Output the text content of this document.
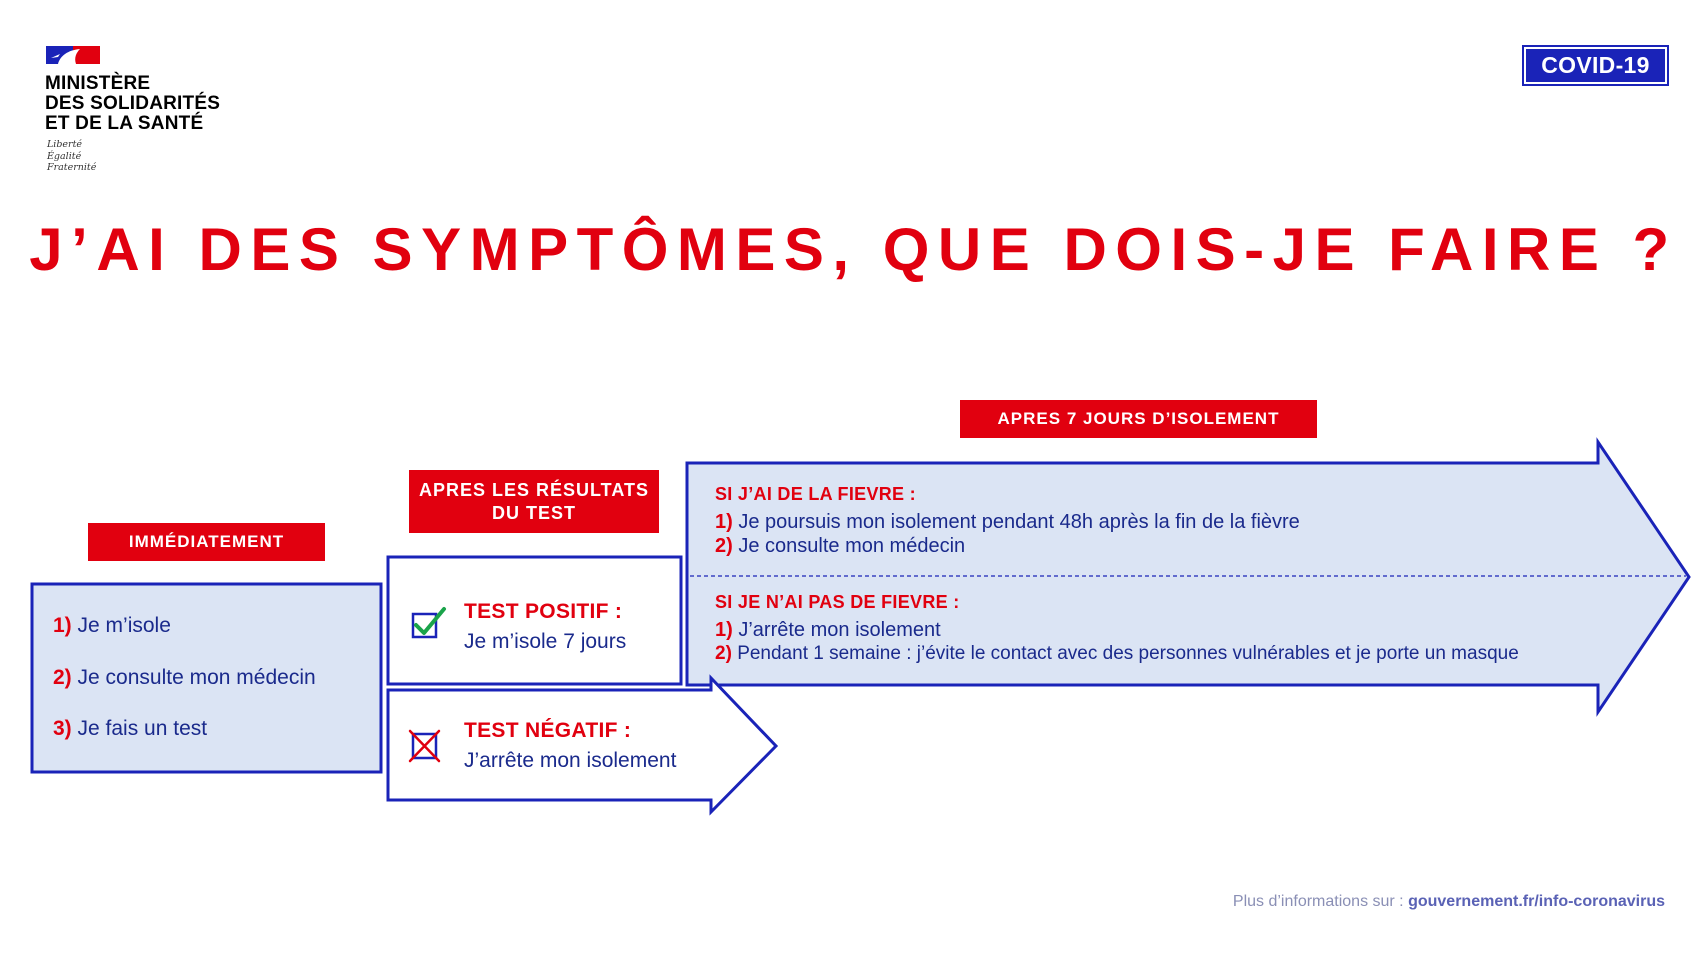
MINISTÈRE
DES SOLIDARITÉS
ET DE LA SANTÉ
Liberté
Égalité
Fraternité
COVID-19
J’AI DES SYMPTÔMES, QUE DOIS-JE FAIRE ?
IMMÉDIATEMENT
APRES LES RÉSULTATS
DU TEST
APRES 7 JOURS D’ISOLEMENT
1) Je m’isole
2) Je consulte mon médecin
3) Je fais un test
TEST POSITIF :
Je m’isole 7 jours
TEST NÉGATIF :
J’arrête mon isolement
SI J’AI DE LA FIEVRE :
1) Je poursuis mon isolement pendant 48h après la fin de la fièvre
2) Je consulte mon médecin
SI JE N’AI PAS DE FIEVRE :
1) J’arrête mon isolement
2) Pendant 1 semaine : j’évite le contact avec des personnes vulnérables et je porte un masque
Plus d’informations sur : gouvernement.fr/info-coronavirus
